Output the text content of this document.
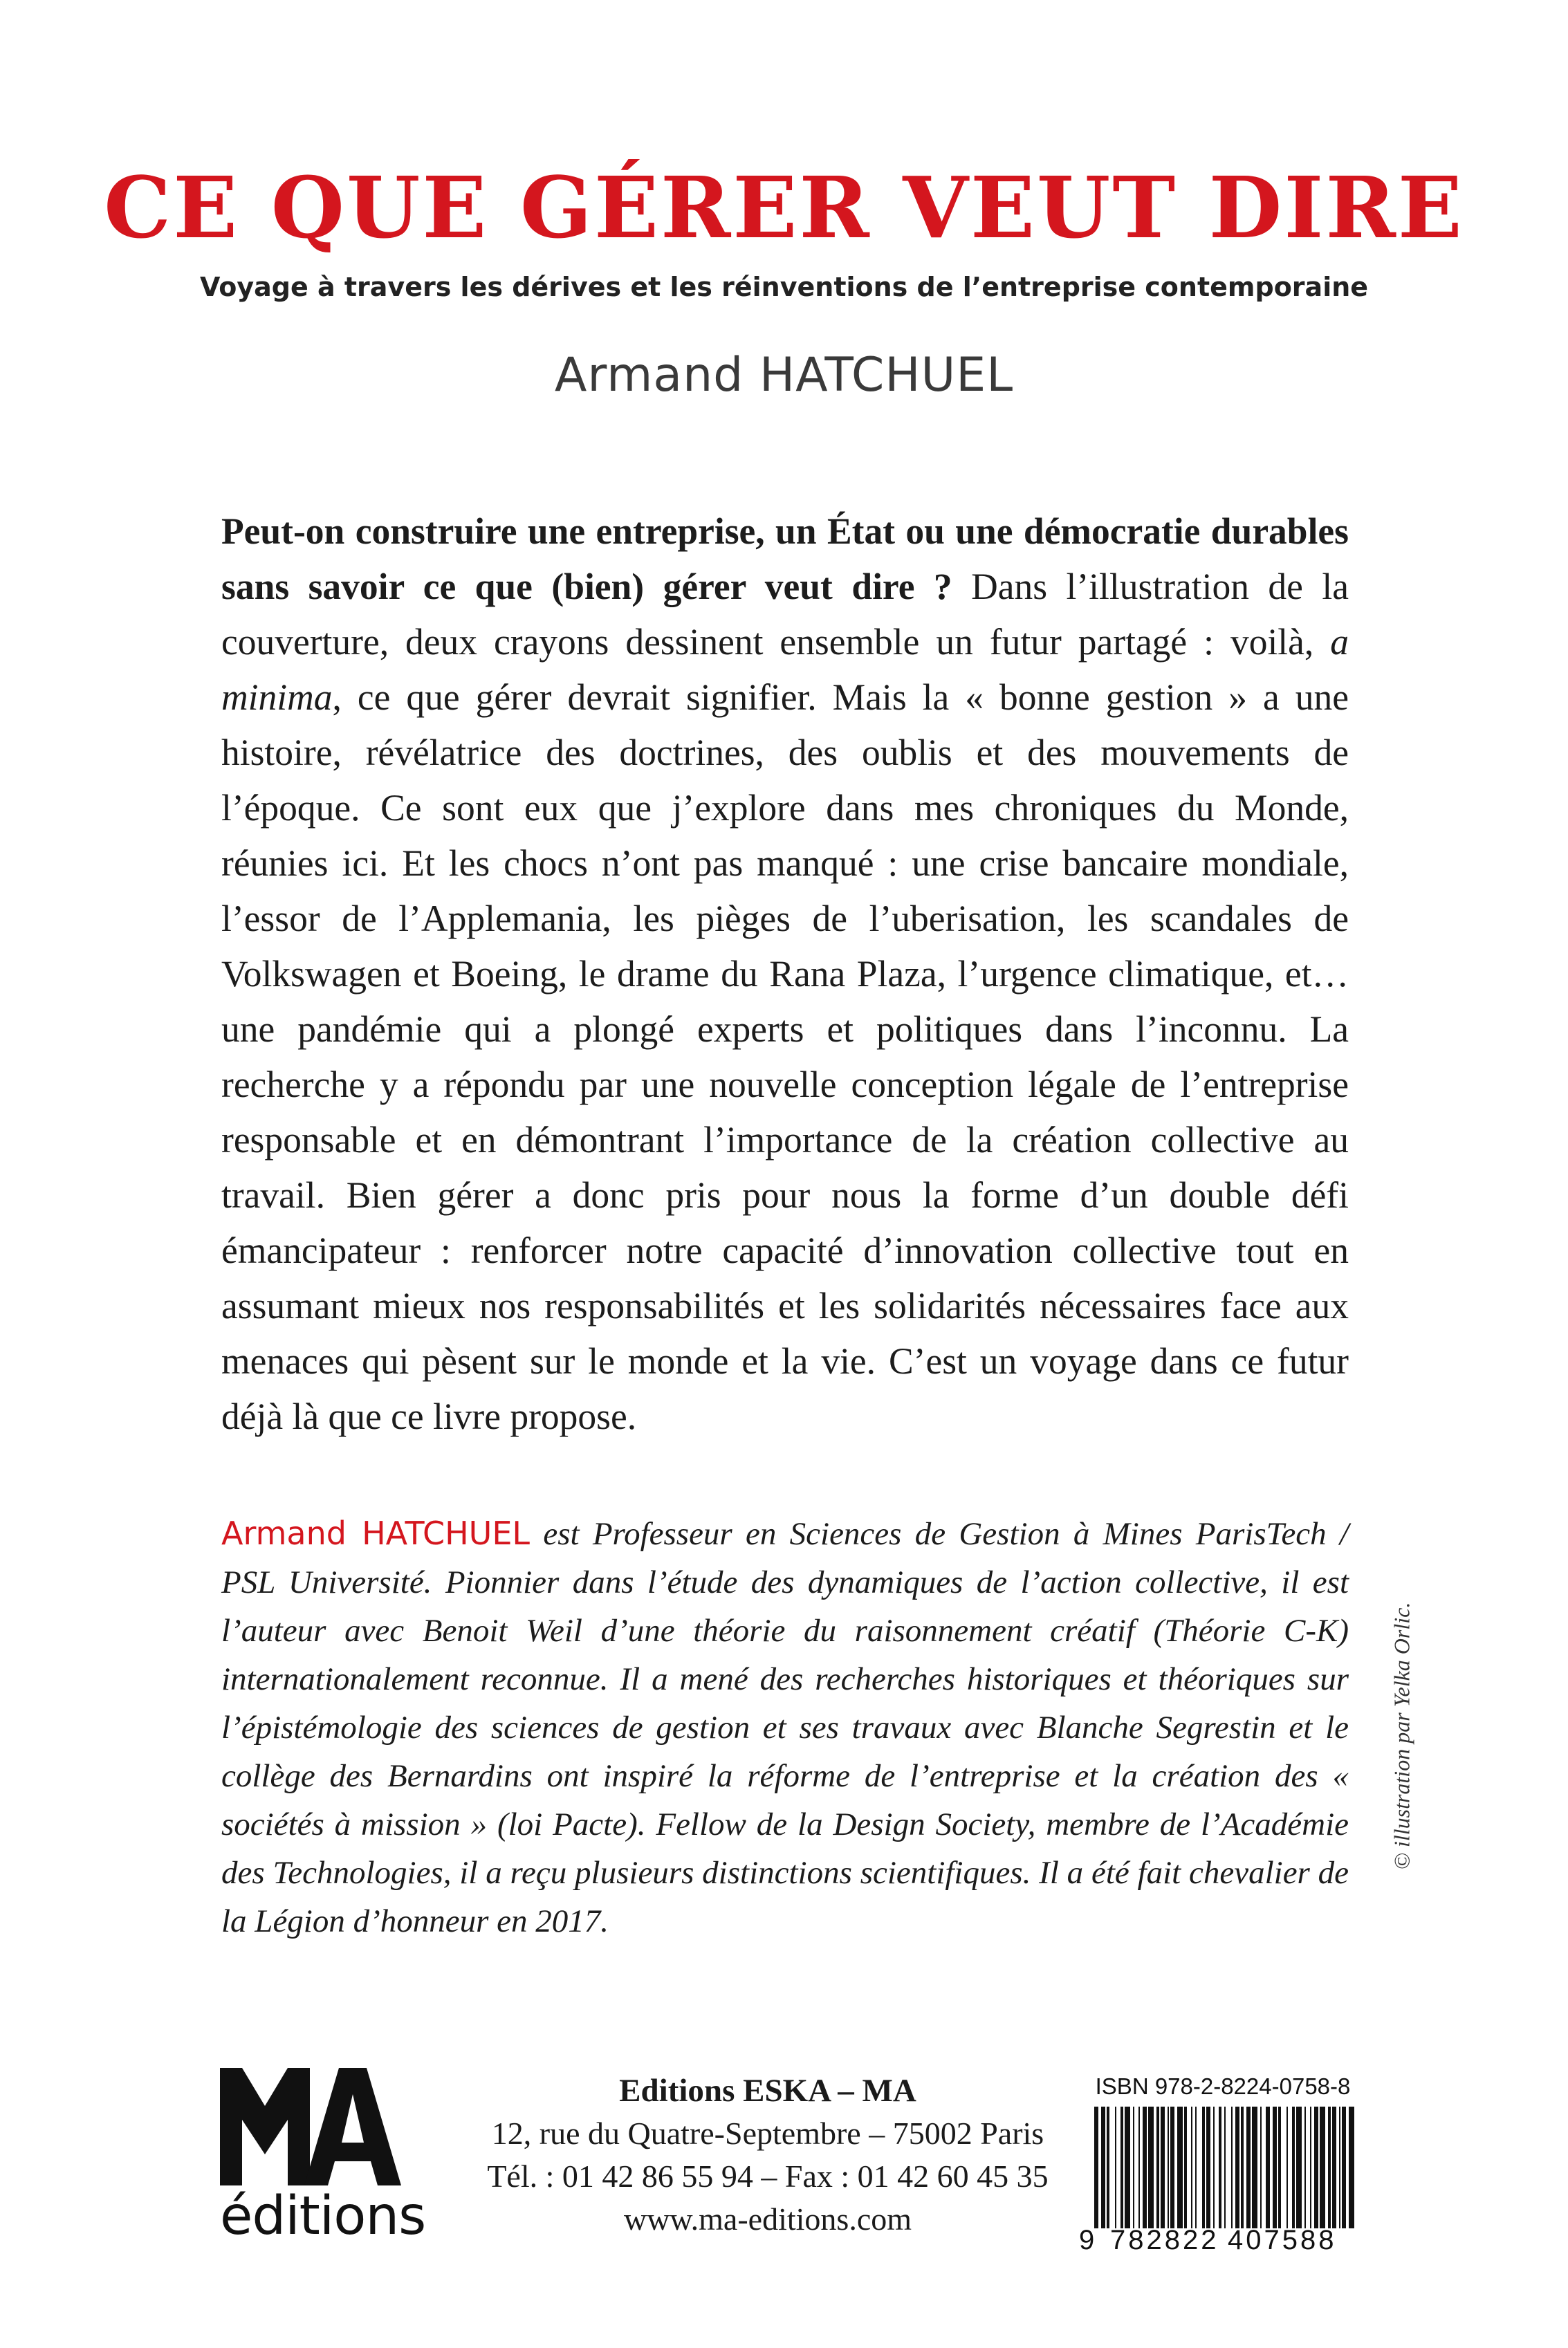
CE QUE GÉRER VEUT DIRE
Voyage à travers les dérives et les réinventions de l’entreprise contemporaine
Armand HATCHUEL

Peut-on construire une entreprise, un État ou une démocratie durables sans savoir ce que (bien) gérer veut dire ? Dans l’illustration de la couverture, deux crayons dessinent ensemble un futur partagé : voilà, a minima, ce que gérer devrait signifier. Mais la « bonne gestion » a une histoire, révélatrice des doctrines, des oublis et des mouvements de l’époque. Ce sont eux que j’explore dans mes chroniques du Monde, réunies ici. Et les chocs n’ont pas manqué : une crise bancaire mondiale, l’essor de l’Applemania, les pièges de l’uberisation, les scandales de Volkswagen et Boeing, le drame du Rana Plaza, l’urgence climatique, et… une pandémie qui a plongé experts et politiques dans l’inconnu. La recherche y a répondu par une nouvelle conception légale de l’entreprise responsable et en démontrant l’importance de la création collective au travail. Bien gérer a donc pris pour nous la forme d’un double défi émancipateur : renforcer notre capacité d’innovation collective tout en assumant mieux nos responsabilités et les solidarités nécessaires face aux menaces qui pèsent sur le monde et la vie. C’est un voyage dans ce futur déjà là que ce livre propose.

Armand HATCHUEL est Professeur en Sciences de Gestion à Mines ParisTech / PSL Université. Pionnier dans l’étude des dynamiques de l’action collective, il est l’auteur avec Benoit Weil d’une théorie du raisonnement créatif (Théorie C-K) internationalement reconnue. Il a mené des recherches historiques et théoriques sur l’épistémologie des sciences de gestion et ses travaux avec Blanche Segrestin et le collège des Bernardins ont inspiré la réforme de l’entreprise et la création des « sociétés à mission » (loi Pacte). Fellow de la Design Society, membre de l’Académie des Technologies, il a reçu plusieurs distinctions scientifiques. Il a été fait chevalier de la Légion d’honneur en 2017.

© illustration par Yelka Orlic.
éditions
Editions ESKA – MA
12, rue du Quatre-Septembre – 75002 Paris
Tél. : 01 42 86 55 94 – Fax : 01 42 60 45 35
www.ma-editions.com
ISBN 978-2-8224-0758-8
9 782822 407588
